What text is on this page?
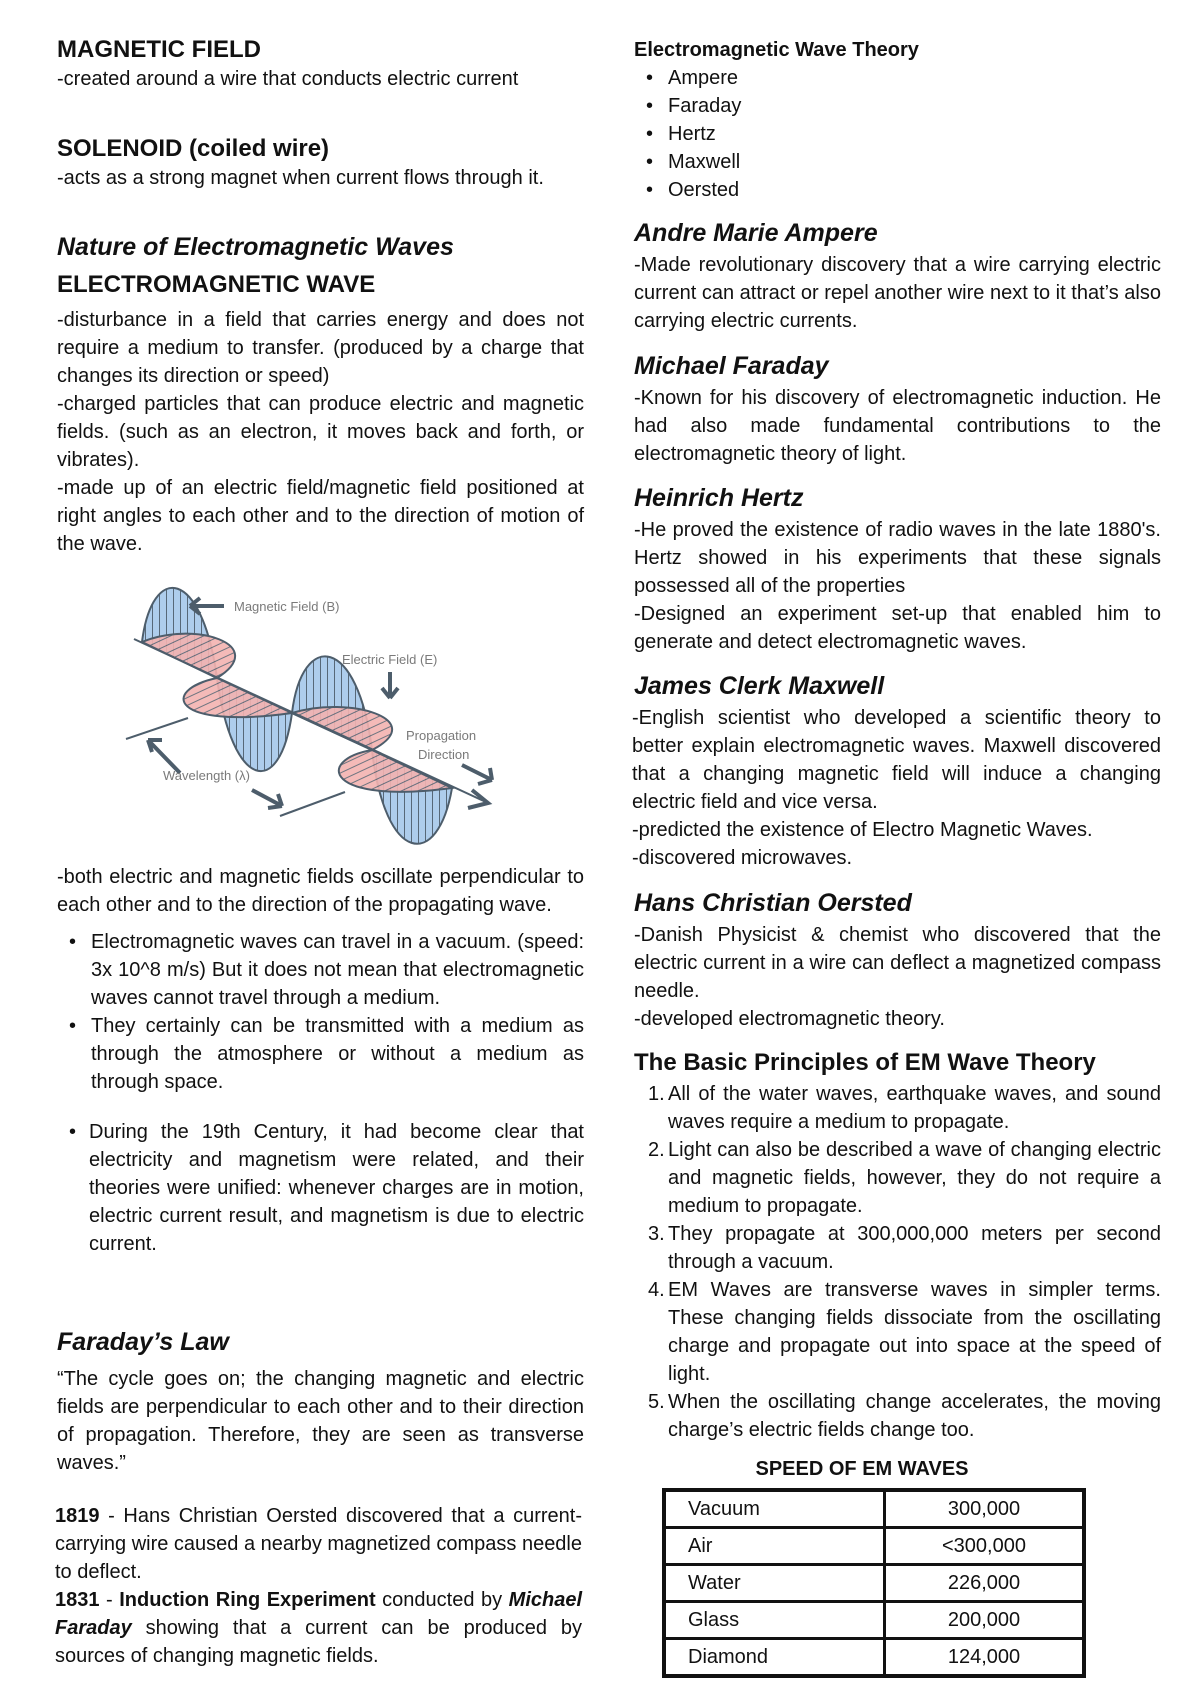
MAGNETIC FIELD

-created around a wire that conducts electric current

SOLENOID (coiled wire)

-acts as a strong magnet when current flows through it.

Nature of Electromagnetic Waves
ELECTROMAGNETIC WAVE

-disturbance in a field that carries energy and does not require a medium to transfer. (produced by a charge that changes its direction or speed)

-charged particles that can produce electric and magnetic fields. (such as an electron, it moves back and forth, or vibrates).

-made up of an electric field/magnetic field positioned at right angles to each other and to the direction of motion of the wave.

Magnetic Field (B)
Electric Field (E)
Propagation
Direction
Wavelength (λ)

-both electric and magnetic fields oscillate perpendicular to each other and to the direction of the propagating wave.

• Electromagnetic waves can travel in a vacuum. (speed: 3x 10^8 m/s) But it does not mean that electromagnetic waves cannot travel through a medium.
• They certainly can be transmitted with a medium as through the atmosphere or without a medium as through space.
• During the 19th Century, it had become clear that electricity and magnetism were related, and their theories were unified: whenever charges are in motion, electric current result, and magnetism is due to electric current.
Faraday’s Law

“The cycle goes on; the changing magnetic and electric fields are perpendicular to each other and to their direction of propagation. Therefore, they are seen as transverse waves.”

1819 - Hans Christian Oersted discovered that a current-carrying wire caused a nearby magnetized compass needle to deflect.

1831 - Induction Ring Experiment conducted by Michael Faraday showing that a current can be produced by sources of changing magnetic fields.

Electromagnetic Wave Theory
• Ampere
• Faraday
• Hertz
• Maxwell
• Oersted
Andre Marie Ampere

-Made revolutionary discovery that a wire carrying electric current can attract or repel another wire next to it that’s also carrying electric currents.

Michael Faraday

-Known for his discovery of electromagnetic induction. He had also made fundamental contributions to the electromagnetic theory of light.

Heinrich Hertz

-He proved the existence of radio waves in the late 1880's. Hertz showed in his experiments that these signals possessed all of the properties

-Designed an experiment set-up that enabled him to generate and detect electromagnetic waves.

James Clerk Maxwell

-English scientist who developed a scientific theory to better explain electromagnetic waves. Maxwell discovered that a changing magnetic field will induce a changing electric field and vice versa.

-predicted the existence of Electro Magnetic Waves.

-discovered microwaves.

Hans Christian Oersted

-Danish Physicist & chemist who discovered that the electric current in a wire can deflect a magnetized compass needle.

-developed electromagnetic theory.

The Basic Principles of EM Wave Theory
1. All of the water waves, earthquake waves, and sound waves require a medium to propagate.
2. Light can also be described a wave of changing electric and magnetic fields, however, they do not require a medium to propagate.
3. They propagate at 300,000,000 meters per second through a vacuum.
4. EM Waves are transverse waves in simpler terms. These changing fields dissociate from the oscillating charge and propagate out into space at the speed of light.
5. When the oscillating change accelerates, the moving charge’s electric fields change too.
SPEED OF EM WAVES
Vacuum	300,000
Air	<300,000
Water	226,000
Glass	200,000
Diamond	124,000
